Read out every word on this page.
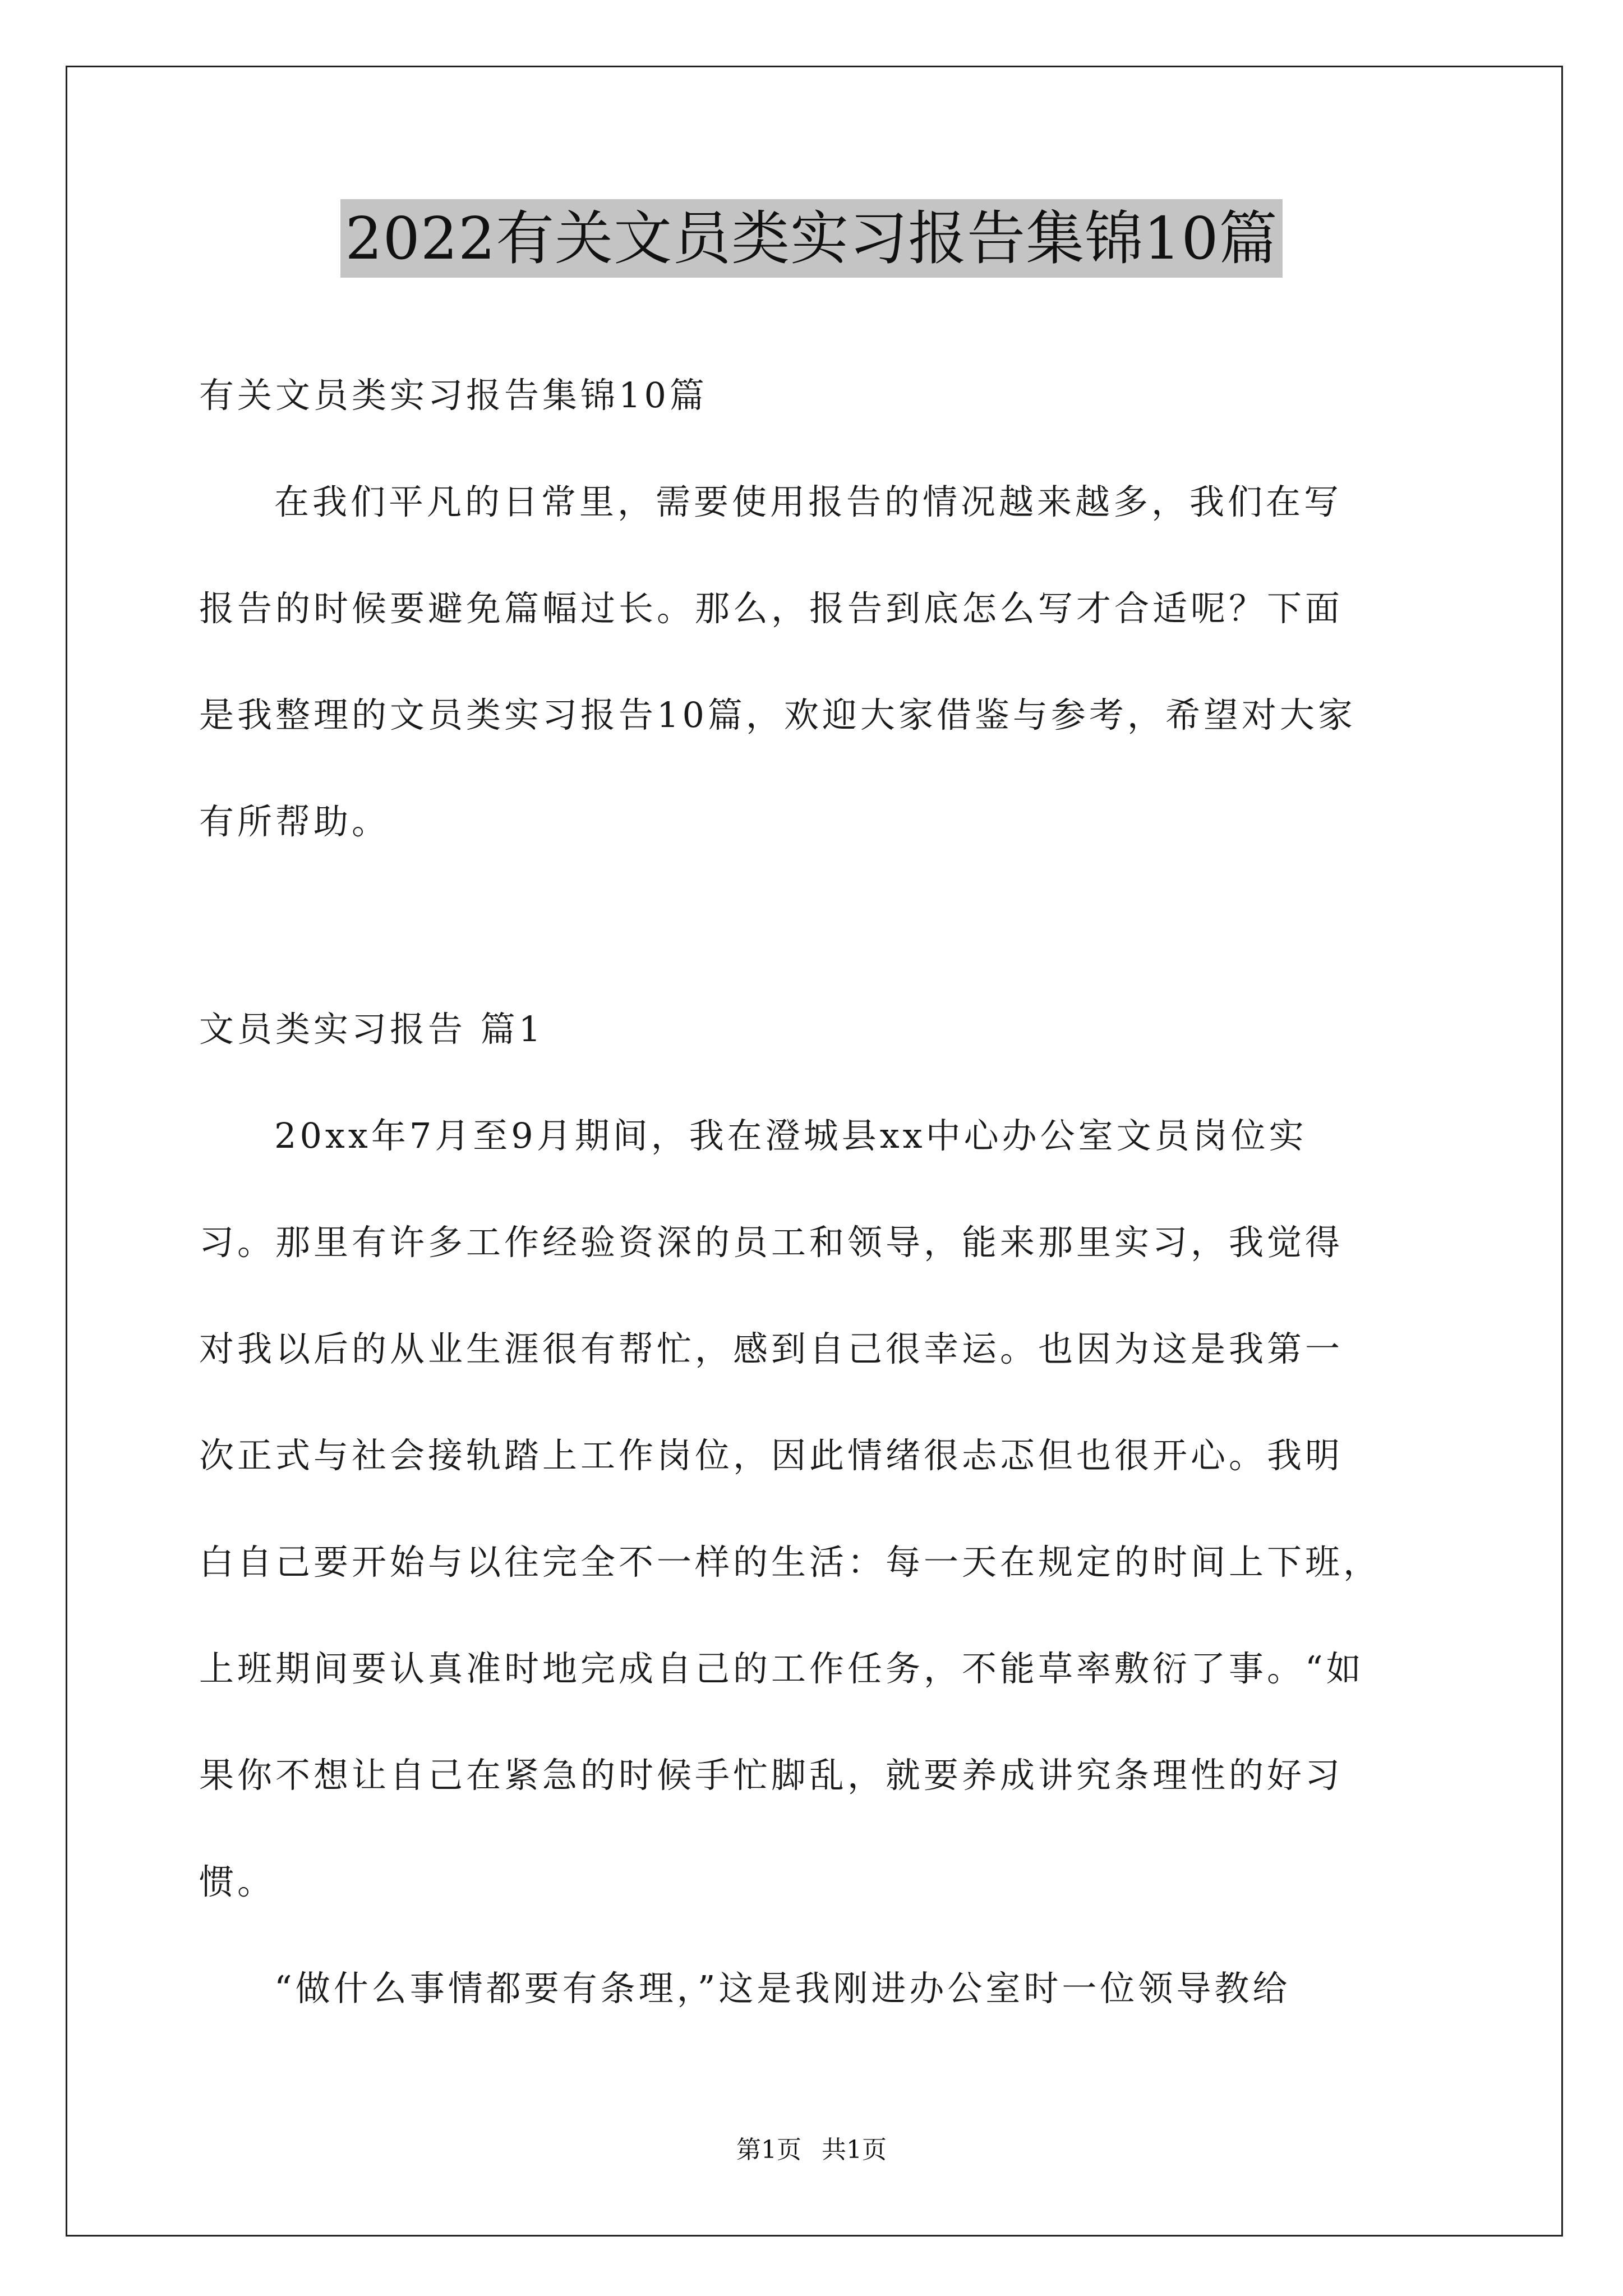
2022有关文员类实习报告集锦10篇
有关文员类实习报告集锦10篇
在我们平凡的日常里，需要使用报告的情况越来越多，我们在写
报告的时候要避免篇幅过长。那么，报告到底怎么写才合适呢？下面
是我整理的文员类实习报告10篇，欢迎大家借鉴与参考，希望对大家
有所帮助。
文员类实习报告 篇1
20xx年7月至9月期间，我在澄城县xx中心办公室文员岗位实
习。那里有许多工作经验资深的员工和领导，能来那里实习，我觉得
对我以后的从业生涯很有帮忙，感到自己很幸运。也因为这是我第一
次正式与社会接轨踏上工作岗位，因此情绪很忐忑但也很开心。我明
白自己要开始与以往完全不一样的生活：每一天在规定的时间上下班，
上班期间要认真准时地完成自己的工作任务，不能草率敷衍了事。“如
果你不想让自己在紧急的时候手忙脚乱，就要养成讲究条理性的好习
惯。
“做什么事情都要有条理，”这是我刚进办公室时一位领导教给
第1页 共1页
